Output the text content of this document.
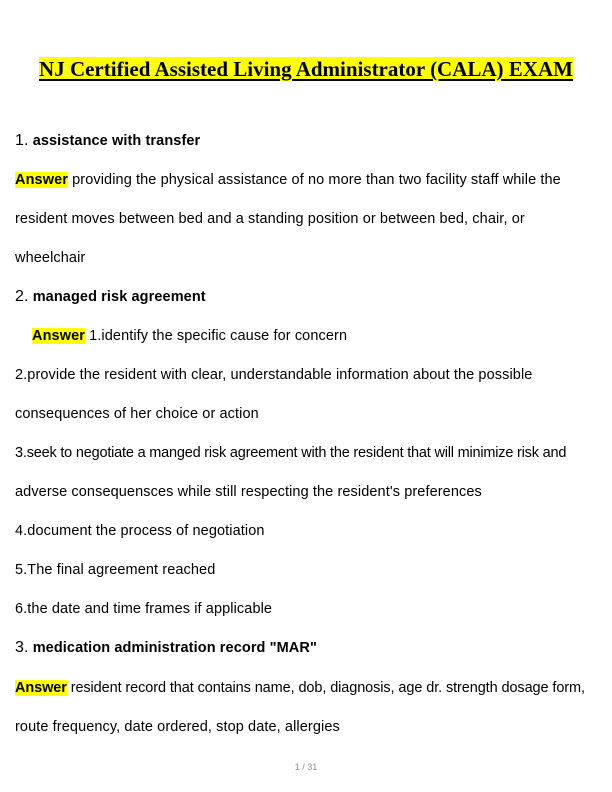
NJ Certified Assisted Living Administrator (CALA) EXAM
1. assistance with transfer
Answer providing the physical assistance of no more than two facility staff while the
resident moves between bed and a standing position or between bed, chair, or
wheelchair
2. managed risk agreement
Answer 1.identify the specific cause for concern
2.provide the resident with clear, understandable information about the possible
consequences of her choice or action
3.seek to negotiate a manged risk agreement with the resident that will minimize risk and
adverse consequensces while still respecting the resident's preferences
4.document the process of negotiation
5.The final agreement reached
6.the date and time frames if applicable
3. medication administration record "MAR"
Answer resident record that contains name, dob, diagnosis, age dr. strength dosage form,
route frequency, date ordered, stop date, allergies
1 / 31
